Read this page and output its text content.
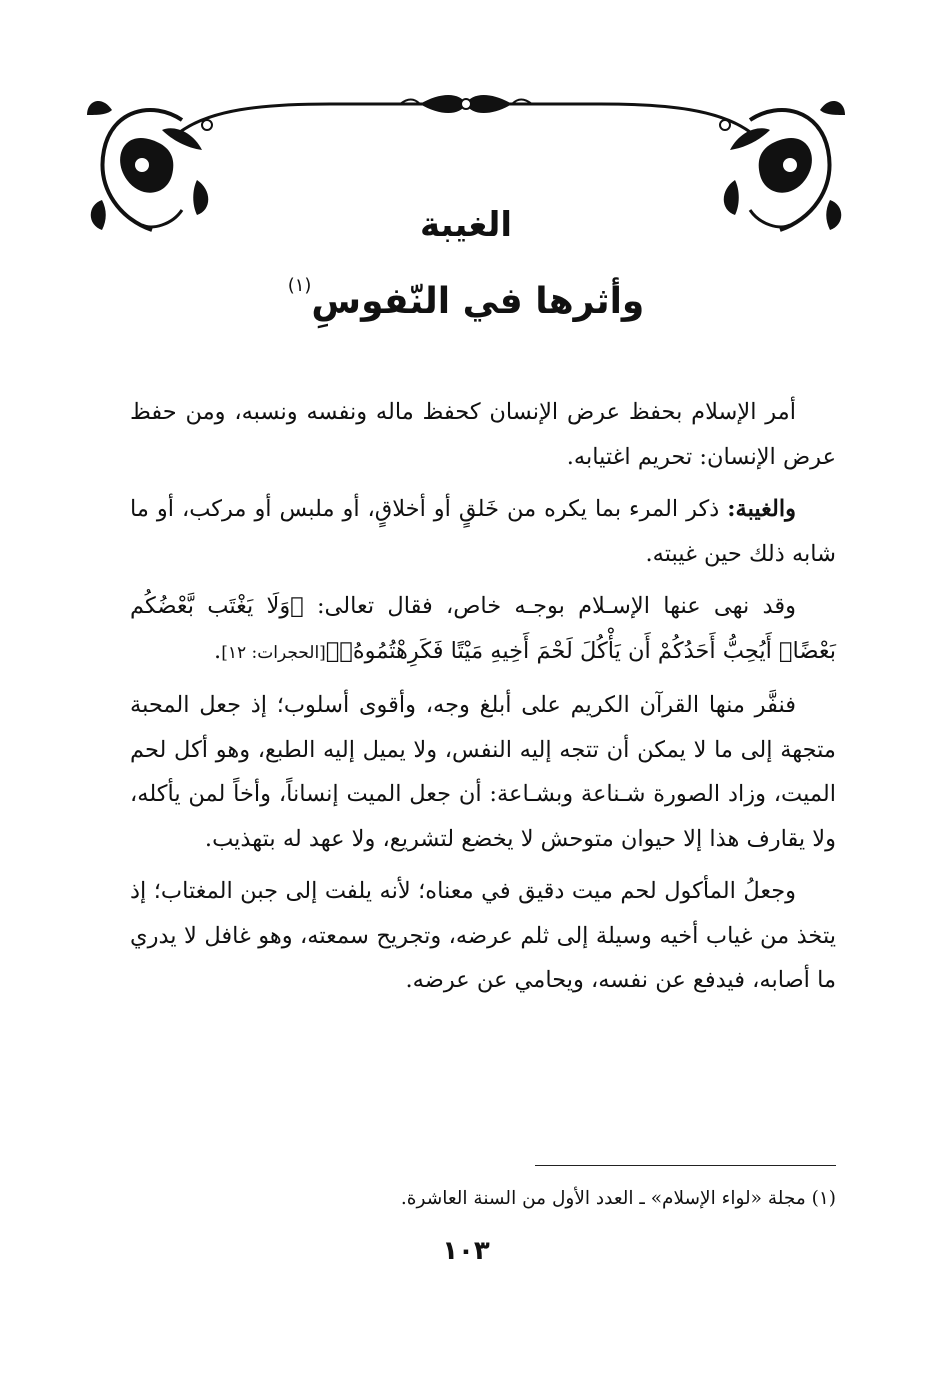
الغيبة
وأثرها في النّفوسِ$^{(١)}$

أمر الإسلام بحفظ عرض الإنسان كحفظ ماله ونفسه ونسبه، ومن حفظ عرض الإنسان: تحريم اغتيابه.

والغيبة: ذكر المرء بما يكره من خَلقٍ أو أخلاقٍ، أو ملبس أو مركب، أو ما شابه ذلك حين غيبته.

وقد نهى عنها الإسـلام بوجـه خاص، فقال تعالى: ﴿وَلَا يَغْتَب بَّعْضُكُم بَعْضًاۚ أَيُحِبُّ أَحَدُكُمْ أَن يَأْكُلَ لَحْمَ أَخِيهِ مَيْتًا فَكَرِهْتُمُوهُۚ﴾[الحجرات: ١٢].

فنفَّر منها القرآن الكريم على أبلغ وجه، وأقوى أسلوب؛ إذ جعل المحبة متجهة إلى ما لا يمكن أن تتجه إليه النفس، ولا يميل إليه الطبع، وهو أكل لحم الميت، وزاد الصورة شـناعة وبشـاعة: أن جعل الميت إنساناً، وأخاً لمن يأكله، ولا يقارف هذا إلا حيوان متوحش لا يخضع لتشريع، ولا عهد له بتهذيب.

وجعلُ المأكول لحم ميت دقيق في معناه؛ لأنه يلفت إلى جبن المغتاب؛ إذ يتخذ من غياب أخيه وسيلة إلى ثلم عرضه، وتجريح سمعته، وهو غافل لا يدري ما أصابه، فيدفع عن نفسه، ويحامي عن عرضه.

(١) مجلة «لواء الإسلام» ـ العدد الأول من السنة العاشرة.
١٠٣
